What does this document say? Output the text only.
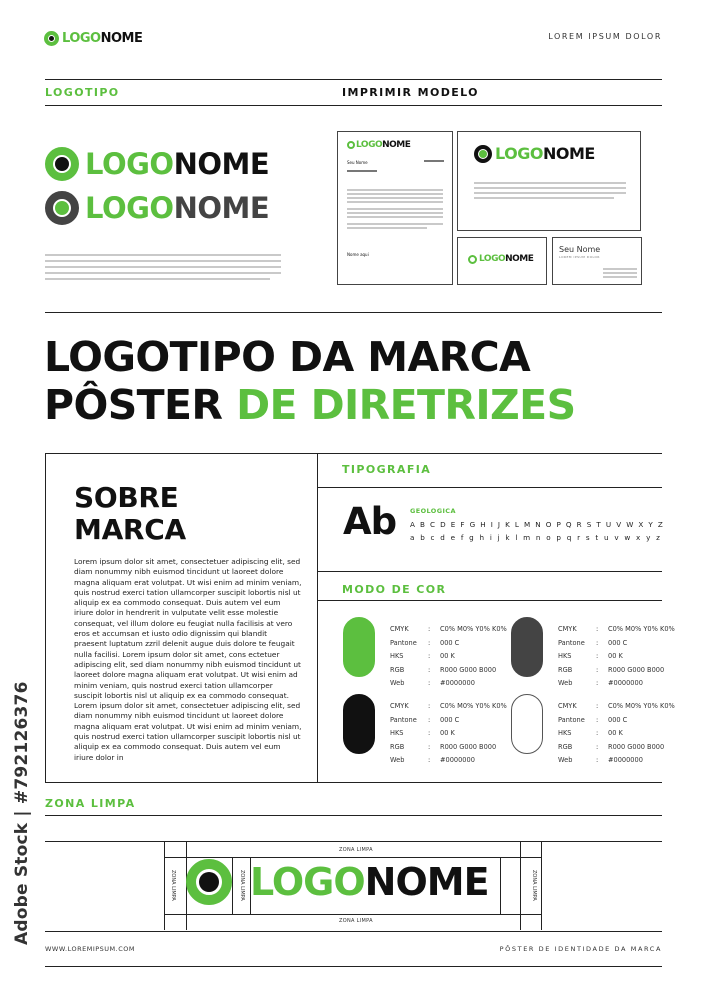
LOGONOME	LOREM IPSUM DOLOR
LOGOTIPO	IMPRIMIR MODELO
LOGONOME
LOGONOME
LOGONOME
Seu Nome
Nome aqui
LOGONOME
LOGONOME
Seu Nome
LOREM IPSUM DOLOR
LOGOTIPO DA MARCA
PÔSTER DE DIRETRIZES
SOBRE
MARCA
Lorem ipsum dolor sit amet, consectetuer adipiscing elit, sed diam nonummy nibh euismod tincidunt ut laoreet dolore magna aliquam erat volutpat. Ut wisi enim ad minim veniam, quis nostrud exerci tation ullamcorper suscipit lobortis nisl ut aliquip ex ea commodo consequat. Duis autem vel eum iriure dolor in hendrerit in vulputate velit esse molestie consequat, vel illum dolore eu feugiat nulla facilisis at vero eros et accumsan et iusto odio dignissim qui blandit praesent luptatum zzril delenit augue duis dolore te feugait nulla facilisi. Lorem ipsum dolor sit amet, cons ectetuer adipiscing elit, sed diam nonummy nibh euismod tincidunt ut laoreet dolore magna aliquam erat volutpat. Ut wisi enim ad minim veniam, quis nostrud exerci tation ullamcorper suscipit lobortis nisl ut aliquip ex ea commodo consequat. Lorem ipsum dolor sit amet, consectetuer adipiscing elit, sed diam nonummy nibh euismod tincidunt ut laoreet dolore magna aliquam erat volutpat. Ut wisi enim ad minim veniam, quis nostrud exerci tation ullamcorper suscipit lobortis nisl ut aliquip ex ea commodo consequat. Duis autem vel eum iriure dolor in
TIPOGRAFIA
Ab GEOLOGICA
A B C D E F G H I J K L M N O P Q R S T U V W X Y Z
a b c d e f g h i j k l m n o p q r s t u v w x y z
MODO DE COR
CMYK	:	C0% M0% Y0% K0%
Pantone	:	000 C
HKS	:	00 K
RGB	:	R000 G000 B000
Web	:	#0000000
CMYK	:	C0% M0% Y0% K0%
Pantone	:	000 C
HKS	:	00 K
RGB	:	R000 G000 B000
Web	:	#0000000
CMYK	:	C0% M0% Y0% K0%
Pantone	:	000 C
HKS	:	00 K
RGB	:	R000 G000 B000
Web	:	#0000000
CMYK	:	C0% M0% Y0% K0%
Pantone	:	000 C
HKS	:	00 K
RGB	:	R000 G000 B000
Web	:	#0000000
ZONA LIMPA
ZONA LIMPA
ZONA LIMPA
ZONA LIMPA	ZONA LIMPA	ZONA LIMPA
LOGONOME
WWW.LOREMIPSUM.COM	PÔSTER DE IDENTIDADE DA MARCA
Adobe Stock | #792126376
